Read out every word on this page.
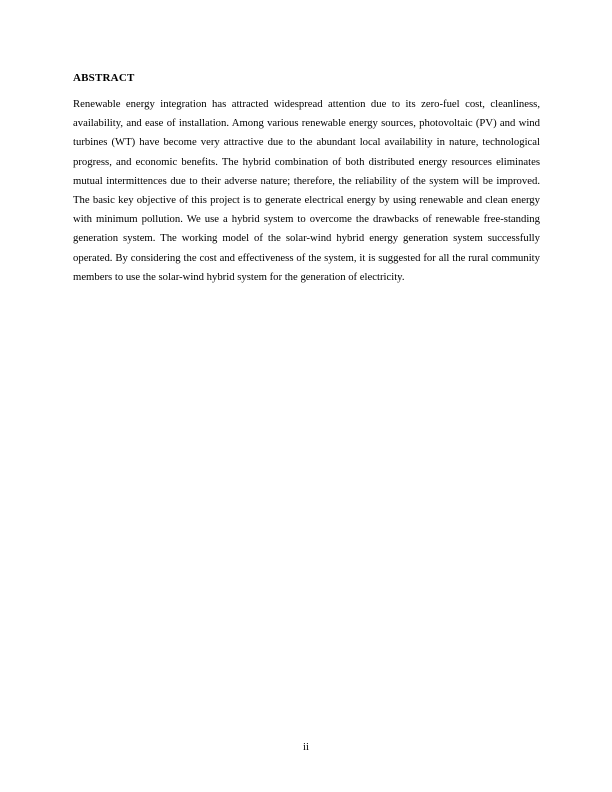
ABSTRACT

Renewable energy integration has attracted widespread attention due to its zero-fuel cost, cleanliness, availability, and ease of installation. Among various renewable energy sources, photovoltaic (PV) and wind turbines (WT) have become very attractive due to the abundant local availability in nature, technological progress, and economic benefits. The hybrid combination of both distributed energy resources eliminates mutual intermittences due to their adverse nature; therefore, the reliability of the system will be improved. The basic key objective of this project is to generate electrical energy by using renewable and clean energy with minimum pollution. We use a hybrid system to overcome the drawbacks of renewable free-standing generation system. The working model of the solar-wind hybrid energy generation system successfully operated. By considering the cost and effectiveness of the system, it is suggested for all the rural community members to use the solar-wind hybrid system for the generation of electricity.

ii
